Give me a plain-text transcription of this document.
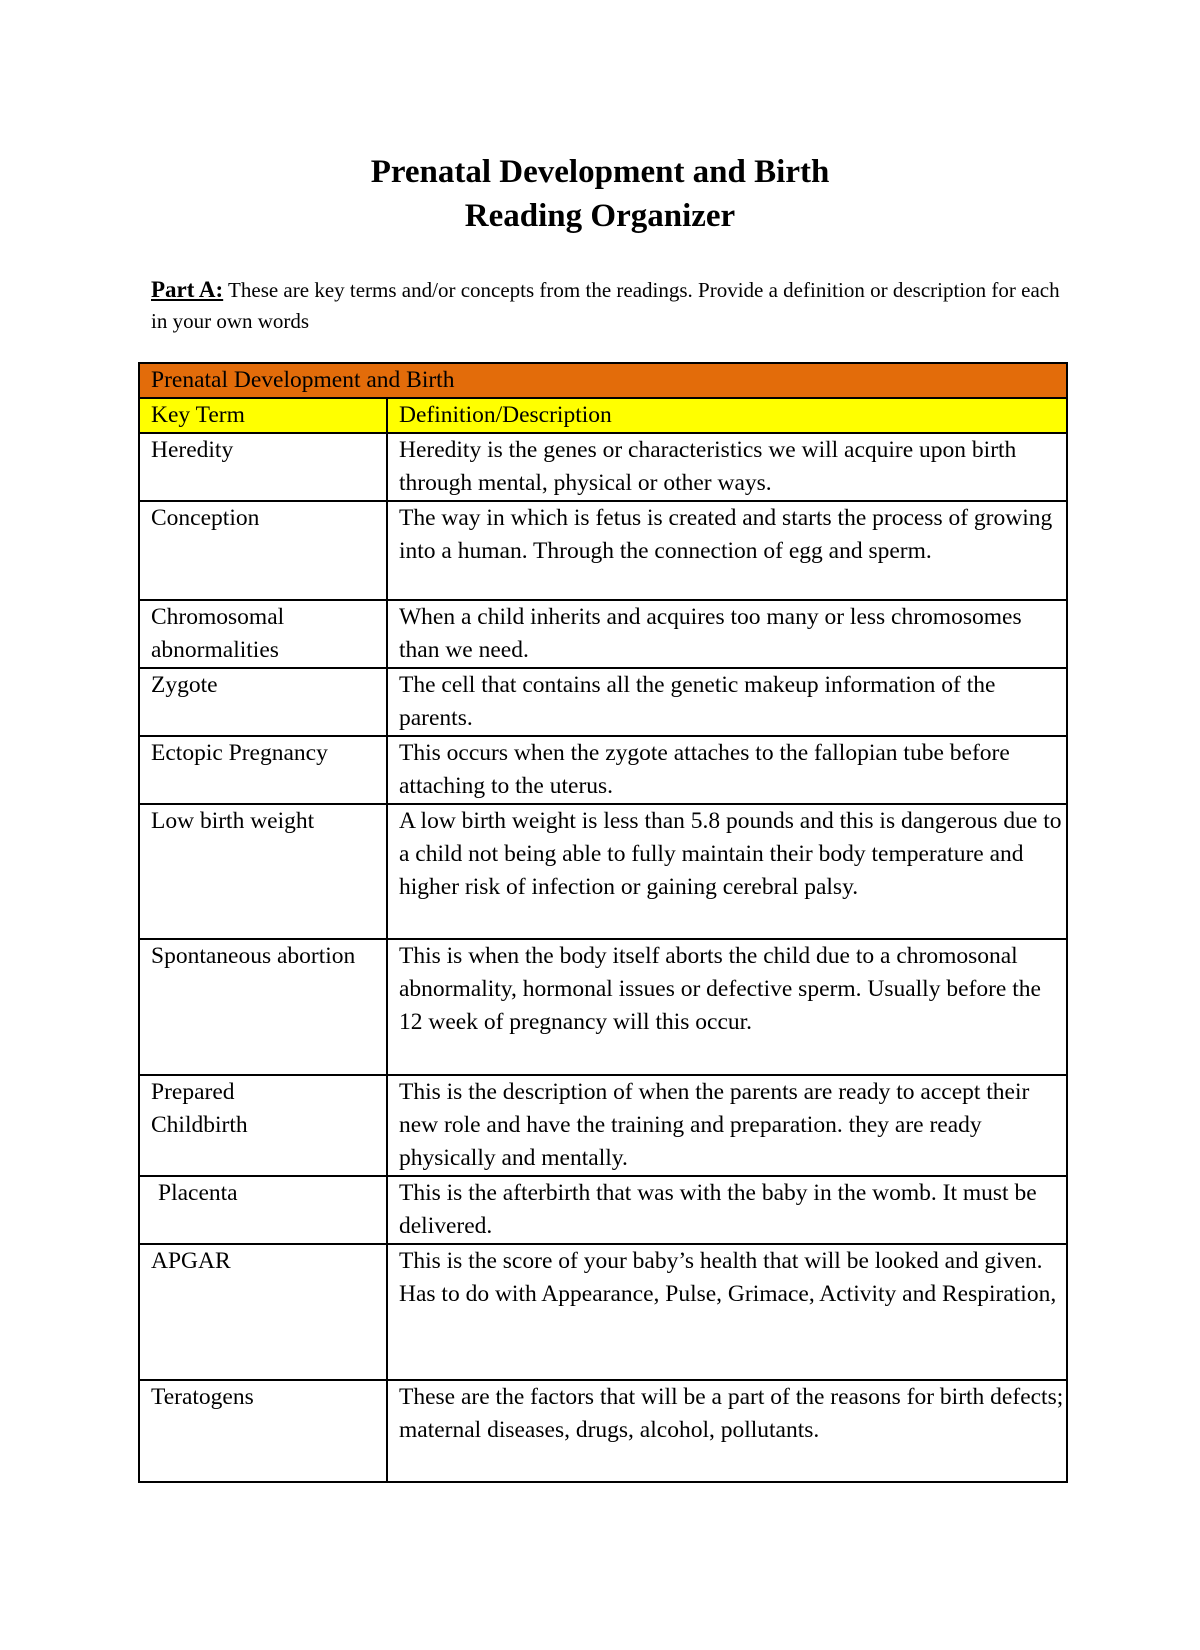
Prenatal Development and Birth
Reading Organizer
Part A: These are key terms and/or concepts from the readings. Provide a definition or description for each in your own words
Prenatal Development and Birth	
Key Term	Definition/Description
Heredity	Heredity is the genes or characteristics we will acquire upon birth through mental, physical or other ways.
Conception	The way in which is fetus is created and starts the process of growing into a human. Through the connection of egg and sperm.
Chromosomal abnormalities	When a child inherits and acquires too many or less chromosomes than we need.
Zygote	The cell that contains all the genetic makeup information of the parents.
Ectopic Pregnancy	This occurs when the zygote attaches to the fallopian tube before attaching to the uterus.
Low birth weight	A low birth weight is less than 5.8 pounds and this is dangerous due to a child not being able to fully maintain their body temperature and higher risk of infection or gaining cerebral palsy.
Spontaneous abortion	This is when the body itself aborts the child due to a chromosonal abnormality, hormonal issues or defective sperm. Usually before the 12 week of pregnancy will this occur.
Prepared Childbirth	This is the description of when the parents are ready to accept their new role and have the training and preparation. they are ready physically and mentally.
Placenta	This is the afterbirth that was with the baby in the womb. It must be delivered.
APGAR	This is the score of your baby’s health that will be looked and given. Has to do with Appearance, Pulse, Grimace, Activity and Respiration,
Teratogens	These are the factors that will be a part of the reasons for birth defects; maternal diseases, drugs, alcohol, pollutants.
